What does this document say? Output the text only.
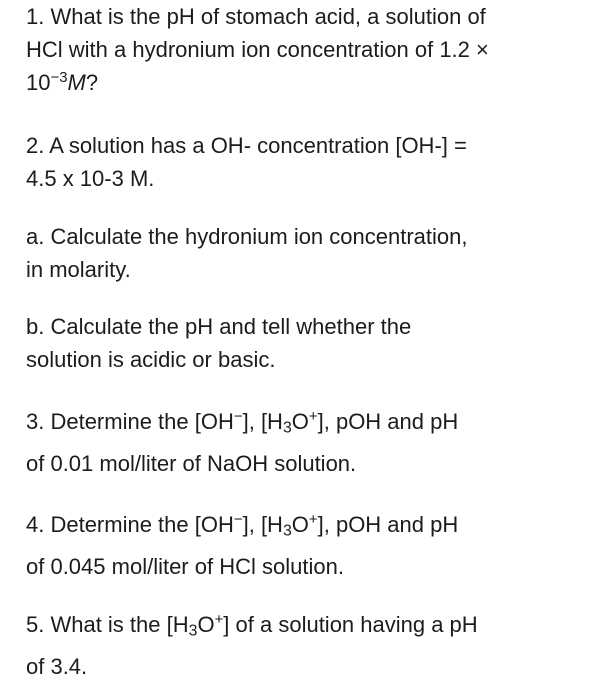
1. What is the pH of stomach acid, a solution of
HCl with a hydronium ion concentration of 1.2 ×
$10^{-3}M$?
2. A solution has a OH- concentration [OH-] =
4.5 x 10-3 M.
a. Calculate the hydronium ion concentration,
in molarity.
b. Calculate the pH and tell whether the
solution is acidic or basic.
3. Determine the [OH−], $[H_3O^+]$, pOH and pH
of 0.01 mol/liter of NaOH solution.
4. Determine the [OH−], $[H_3O^+]$, pOH and pH
of 0.045 mol/liter of HCl solution.
5. What is the $[H_3O^+]$ of a solution having a pH
of 3.4.
